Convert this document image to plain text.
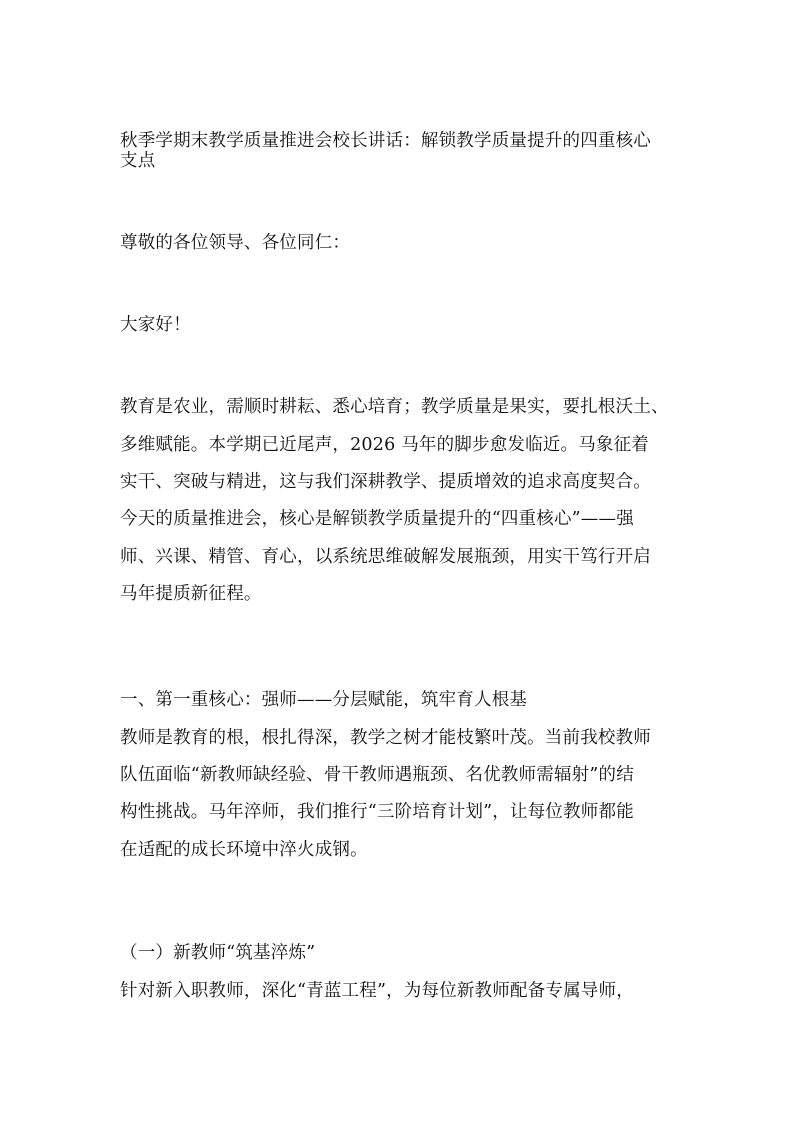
秋季学期末教学质量推进会校长讲话：解锁教学质量提升的四重核心
支点
尊敬的各位领导、各位同仁：
大家好！
教育是农业，需顺时耕耘、悉心培育；教学质量是果实，要扎根沃土、
多维赋能。本学期已近尾声，2026 马年的脚步愈发临近。马象征着
实干、突破与精进，这与我们深耕教学、提质增效的追求高度契合。
今天的质量推进会，核心是解锁教学质量提升的“四重核心”——强
师、兴课、精管、育心，以系统思维破解发展瓶颈，用实干笃行开启
马年提质新征程。
一、第一重核心：强师——分层赋能，筑牢育人根基
教师是教育的根，根扎得深，教学之树才能枝繁叶茂。当前我校教师
队伍面临“新教师缺经验、骨干教师遇瓶颈、名优教师需辐射”的结
构性挑战。马年淬师，我们推行“三阶培育计划”，让每位教师都能
在适配的成长环境中淬火成钢。
（一）新教师“筑基淬炼”
针对新入职教师，深化“青蓝工程”，为每位新教师配备专属导师，
